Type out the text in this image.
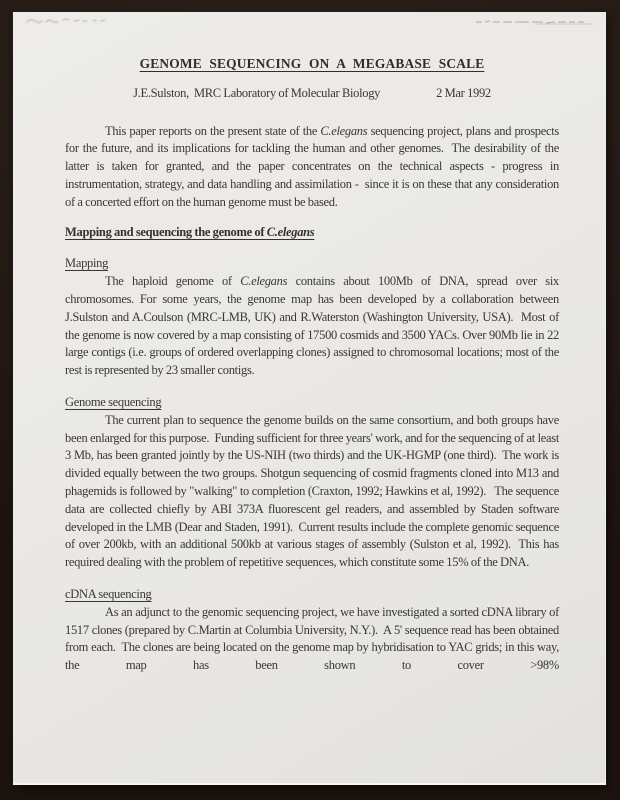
GENOME SEQUENCING ON A MEGABASE SCALE
J.E.Sulston,  MRC Laboratory of Molecular Biology	2 Mar 1992
This paper reports on the present state of the C.elegans sequencing project, plans and prospects for the future, and its implications for tackling the human and other genomes.  The desirability of the latter is taken for granted, and the paper concentrates on the technical aspects - progress in instrumentation, strategy, and data handling and assimilation -  since it is on these that any consideration of a concerted effort on the human genome must be based.
Mapping and sequencing the genome of C.elegans
Mapping
The haploid genome of C.elegans contains about 100Mb of DNA, spread over six chromosomes. For some years, the genome map has been developed by a collaboration between J.Sulston and A.Coulson (MRC-LMB, UK) and R.Waterston (Washington University, USA).  Most of the genome is now covered by a map consisting of 17500 cosmids and 3500 YACs. Over 90Mb lie in 22 large contigs (i.e. groups of ordered overlapping clones) assigned to chromosomal locations; most of the rest is represented by 23 smaller contigs.
Genome sequencing
The current plan to sequence the genome builds on the same consortium, and both groups have been enlarged for this purpose.  Funding sufficient for three years' work, and for the sequencing of at least 3 Mb, has been granted jointly by the US-NIH (two thirds) and the UK-HGMP (one third).  The work is divided equally between the two groups. Shotgun sequencing of cosmid fragments cloned into M13 and phagemids is followed by "walking" to completion (Craxton, 1992; Hawkins et al, 1992).   The sequence data are collected chiefly by ABI 373A fluorescent gel readers, and assembled by Staden software developed in the LMB (Dear and Staden, 1991).  Current results include the complete genomic sequence of over 200kb, with an additional 500kb at various stages of assembly (Sulston et al, 1992).  This has required dealing with the problem of repetitive sequences, which constitute some 15% of the DNA.
cDNA sequencing
As an adjunct to the genomic sequencing project, we have investigated a sorted cDNA library of 1517 clones (prepared by C.Martin at Columbia University, N.Y.).  A 5' sequence read has been obtained from each.  The clones are being located on the genome map by hybridisation to YAC grids; in this way, the map has been shown to cover >98%
